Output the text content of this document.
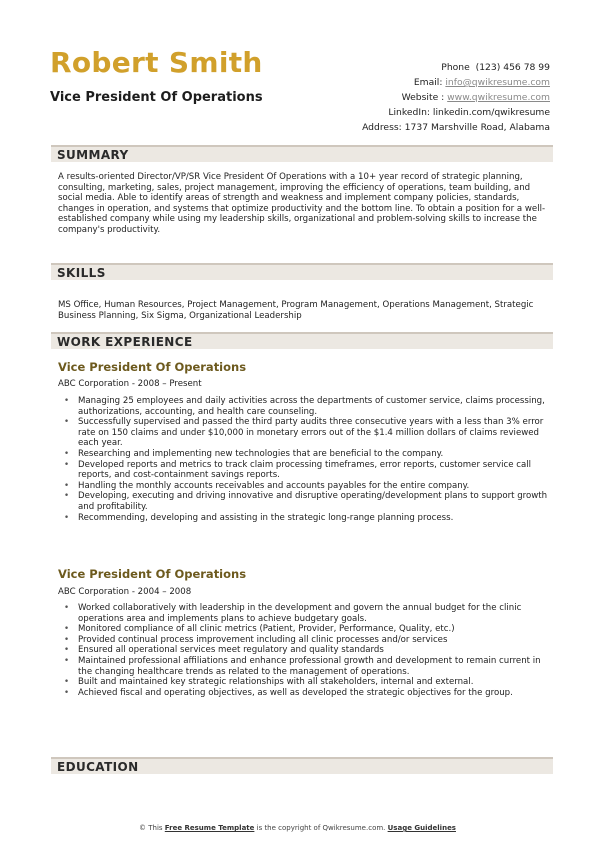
Robert Smith
Vice President Of Operations
Phone (123) 456 78 99
Email: info@qwikresume.com
Website : www.qwikresume.com
LinkedIn: linkedin.com/qwikresume
Address: 1737 Marshville Road, Alabama
SUMMARY
A results-oriented Director/VP/SR Vice President Of Operations with a 10+ year record of strategic planning, consulting, marketing, sales, project management, improving the efficiency of operations, team building, and social media. Able to identify areas of strength and weakness and implement company policies, standards, changes in operation, and systems that optimize productivity and the bottom line. To obtain a position for a well-established company while using my leadership skills, organizational and problem-solving skills to increase the company's productivity.
SKILLS
MS Office, Human Resources, Project Management, Program Management, Operations Management, Strategic Business Planning, Six Sigma, Organizational Leadership
WORK EXPERIENCE
Vice President Of Operations
ABC Corporation - 2008 – Present
• Managing 25 employees and daily activities across the departments of customer service, claims processing, authorizations, accounting, and health care counseling.
• Successfully supervised and passed the third party audits three consecutive years with a less than 3% error rate on 150 claims and under $10,000 in monetary errors out of the $1.4 million dollars of claims reviewed each year.
• Researching and implementing new technologies that are beneficial to the company.
• Developed reports and metrics to track claim processing timeframes, error reports, customer service call reports, and cost-containment savings reports.
• Handling the monthly accounts receivables and accounts payables for the entire company.
• Developing, executing and driving innovative and disruptive operating/development plans to support growth and profitability.
• Recommending, developing and assisting in the strategic long-range planning process.
Vice President Of Operations
ABC Corporation - 2004 – 2008
• Worked collaboratively with leadership in the development and govern the annual budget for the clinic operations area and implements plans to achieve budgetary goals.
• Monitored compliance of all clinic metrics (Patient, Provider, Performance, Quality, etc.)
• Provided continual process improvement including all clinic processes and/or services
• Ensured all operational services meet regulatory and quality standards
• Maintained professional affiliations and enhance professional growth and development to remain current in the changing healthcare trends as related to the management of operations.
• Built and maintained key strategic relationships with all stakeholders, internal and external.
• Achieved fiscal and operating objectives, as well as developed the strategic objectives for the group.
EDUCATION
© This Free Resume Template is the copyright of Qwikresume.com. Usage Guidelines
